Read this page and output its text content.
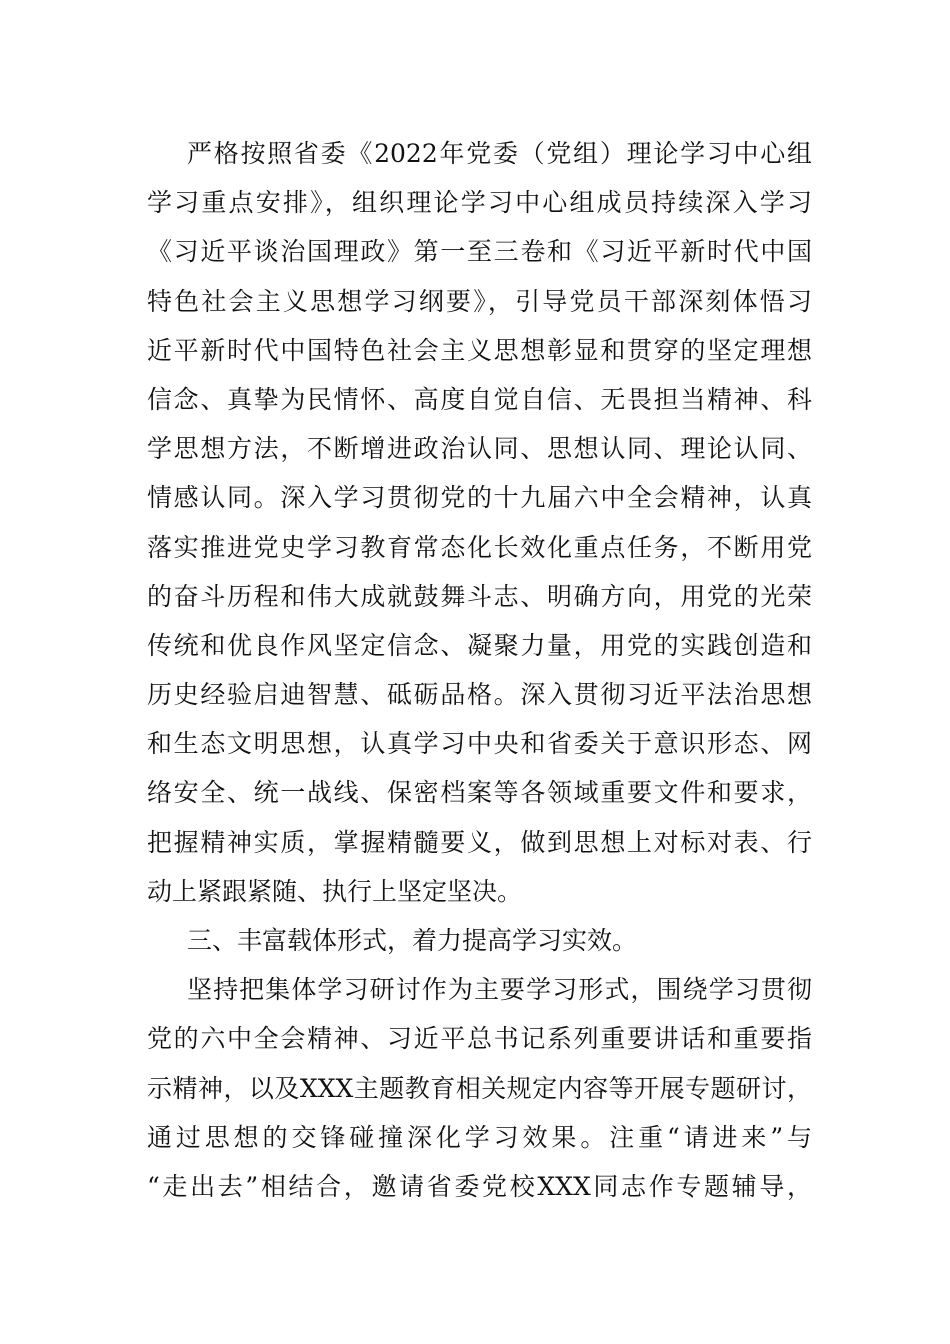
严格按照省委《2022年党委（党组）理论学习中心组
学习重点安排》，组织理论学习中心组成员持续深入学习
《习近平谈治国理政》第一至三卷和《习近平新时代中国
特色社会主义思想学习纲要》，引导党员干部深刻体悟习
近平新时代中国特色社会主义思想彰显和贯穿的坚定理想
信念、真挚为民情怀、高度自觉自信、无畏担当精神、科
学思想方法，不断增进政治认同、思想认同、理论认同、
情感认同。深入学习贯彻党的十九届六中全会精神，认真
落实推进党史学习教育常态化长效化重点任务，不断用党
的奋斗历程和伟大成就鼓舞斗志、明确方向，用党的光荣
传统和优良作风坚定信念、凝聚力量，用党的实践创造和
历史经验启迪智慧、砥砺品格。深入贯彻习近平法治思想
和生态文明思想，认真学习中央和省委关于意识形态、网
络安全、统一战线、保密档案等各领域重要文件和要求，
把握精神实质，掌握精髓要义，做到思想上对标对表、行
动上紧跟紧随、执行上坚定坚决。
三、丰富载体形式，着力提高学习实效。
坚持把集体学习研讨作为主要学习形式，围绕学习贯彻
党的六中全会精神、习近平总书记系列重要讲话和重要指
示精神，以及XXX主题教育相关规定内容等开展专题研讨，
通过思想的交锋碰撞深化学习效果。注重“请进来”与
“走出去”相结合，邀请省委党校XXX同志作专题辅导，
